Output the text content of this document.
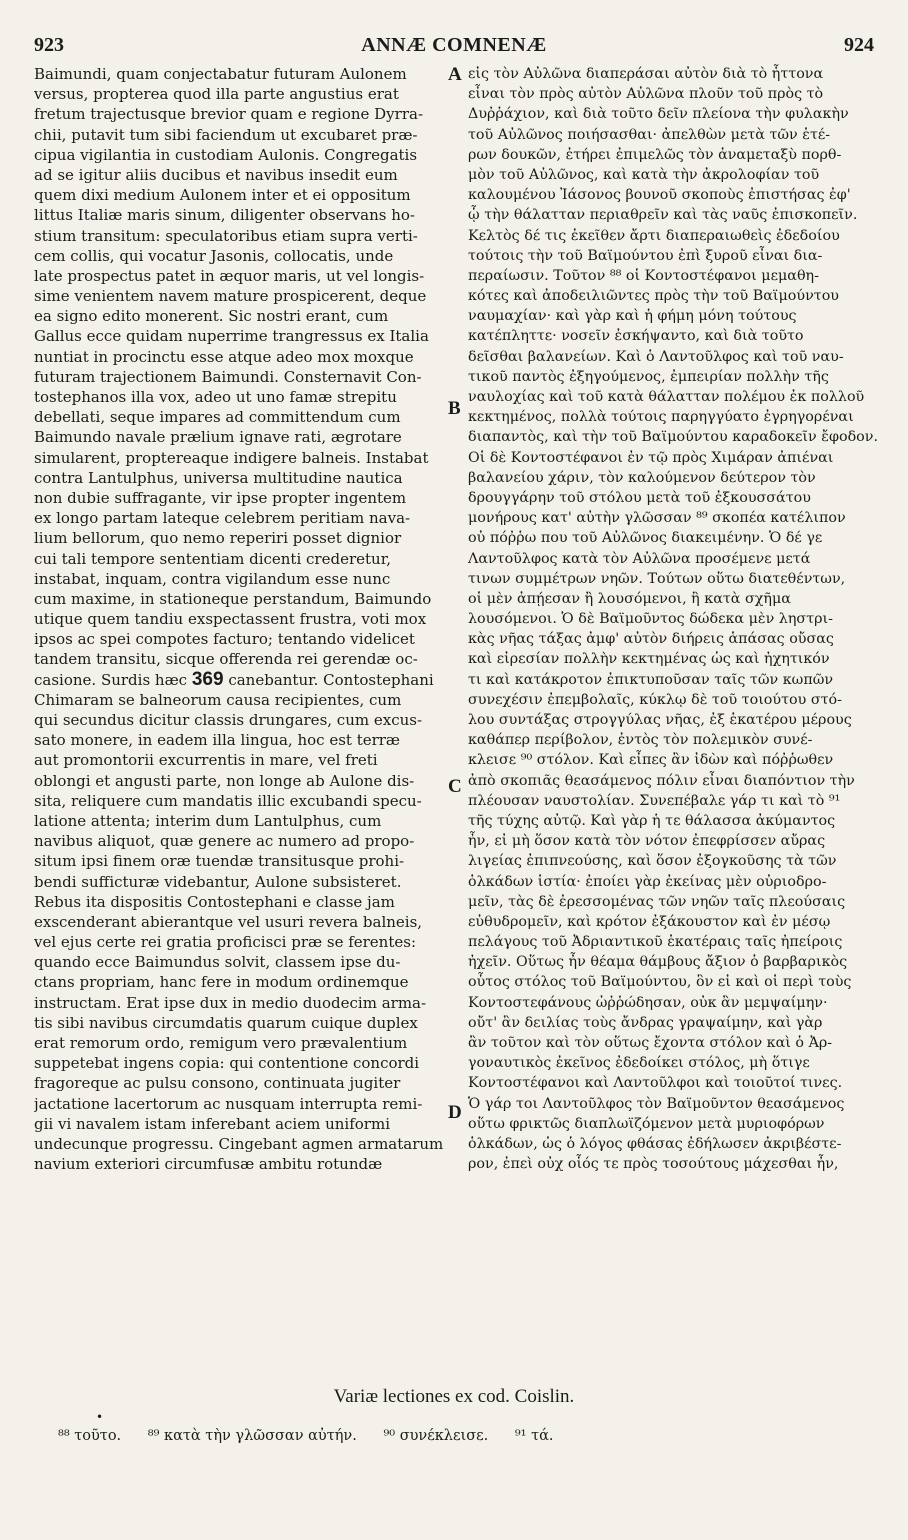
923	ANNÆ COMNENÆ	924
Baimundi, quam conjectabatur futuram Aulonem
versus, propterea quod illa parte angustius erat
fretum trajectusque brevior quam e regione Dyrra-
chii, putavit tum sibi faciendum ut excubaret præ-
cipua vigilantia in custodiam Aulonis. Congregatis
ad se igitur aliis ducibus et navibus insedit eum
quem dixi medium Aulonem inter et ei oppositum
littus Italiæ maris sinum, diligenter observans ho-
stium transitum: speculatoribus etiam supra verti-
cem collis, qui vocatur Jasonis, collocatis, unde
late prospectus patet in æquor maris, ut vel longis-
sime venientem navem mature prospicerent, deque
ea signo edito monerent. Sic nostri erant, cum
Gallus ecce quidam nuperrime trangressus ex Italia
nuntiat in procinctu esse atque adeo mox moxque
futuram trajectionem Baimundi. Consternavit Con-
tostephanos illa vox, adeo ut uno famæ strepitu
debellati, seque impares ad committendum cum
Baimundo navale prælium ignave rati, ægrotare
simularent, proptereaque indigere balneis. Instabat
contra Lantulphus, universa multitudine nautica
non dubie suffragante, vir ipse propter ingentem
ex longo partam lateque celebrem peritiam nava-
lium bellorum, quo nemo reperiri posset dignior
cui tali tempore sententiam dicenti crederetur,
instabat, inquam, contra vigilandum esse nunc
cum maxime, in stationeque perstandum, Baimundo
utique quem tandiu exspectassent frustra, voti mox
ipsos ac spei compotes facturo; tentando videlicet
tandem transitu, sicque offerenda rei gerendæ oc-
casione. Surdis hæc 369 canebantur. Contostephani
Chimaram se balneorum causa recipientes, cum
qui secundus dicitur classis drungares, cum excus-
sato monere, in eadem illa lingua, hoc est terræ
aut promontorii excurrentis in mare, vel freti
oblongi et angusti parte, non longe ab Aulone dis-
sita, reliquere cum mandatis illic excubandi specu-
latione attenta; interim dum Lantulphus, cum
navibus aliquot, quæ genere ac numero ad propo-
situm ipsi finem oræ tuendæ transitusque prohi-
bendi sufficturæ videbantur, Aulone subsisteret.
Rebus ita dispositis Contostephani e classe jam
exscenderant abierantque vel usuri revera balneis,
vel ejus certe rei gratia proficisci præ se ferentes:
quando ecce Baimundus solvit, classem ipse du-
ctans propriam, hanc fere in modum ordinemque
instructam. Erat ipse dux in medio duodecim arma-
tis sibi navibus circumdatis quarum cuique duplex
erat remorum ordo, remigum vero prævalentium
suppetebat ingens copia: qui contentione concordi
fragoreque ac pulsu consono, continuata jugiter
jactatione lacertorum ac nusquam interrupta remi-
gii vi navalem istam inferebant aciem uniformi
undecunque progressu. Cingebant agmen armatarum
navium exteriori circumfusæ ambitu rotundæ
A
B
C
D
εἰς τὸν Αὐλῶνα διαπεράσαι αὐτὸν διὰ τὸ ἧττονα
εἶναι τὸν πρὸς αὐτὸν Αὐλῶνα πλοῦν τοῦ πρὸς τὸ
Δυῤῥάχιον, καὶ διὰ τοῦτο δεῖν πλείονα τὴν φυλακὴν
τοῦ Αὐλῶνος ποιήσασθαι· ἀπελθὼν μετὰ τῶν ἑτέ-
ρων δουκῶν, ἐτήρει ἐπιμελῶς τὸν ἀναμεταξὺ πορθ-
μὸν τοῦ Αὐλῶνος, καὶ κατὰ τὴν ἀκρολοφίαν τοῦ
καλουμένου Ἰάσονος βουνοῦ σκοποὺς ἐπιστήσας ἐφ'
ᾧ τὴν θάλατταν περιαθρεῖν καὶ τὰς ναῦς ἐπισκοπεῖν.
Κελτὸς δέ τις ἐκεῖθεν ἄρτι διαπεραιωθεὶς ἐδεδοίου
τούτοις τὴν τοῦ Βαϊμούντου ἐπὶ ξυροῦ εἶναι δια-
περαίωσιν. Τοῦτον ⁸⁸ οἱ Κοντοστέφανοι μεμαθη-
κότες καὶ ἀποδειλιῶντες πρὸς τὴν τοῦ Βαϊμούντου
ναυμαχίαν· καὶ γὰρ καὶ ἡ φήμη μόνη τούτους
κατέπληττε· νοσεῖν ἐσκήψαντο, καὶ διὰ τοῦτο
δεῖσθαι βαλανείων. Καὶ ὁ Λαντοῦλφος καὶ τοῦ ναυ-
τικοῦ παντὸς ἐξηγούμενος, ἐμπειρίαν πολλὴν τῆς
ναυλοχίας καὶ τοῦ κατὰ θάλατταν πολέμου ἐκ πολλοῦ
κεκτημένος, πολλὰ τούτοις παρηγγύατο ἐγρηγορέναι
διαπαντὸς, καὶ τὴν τοῦ Βαϊμούντου καραδοκεῖν ἔφοδον.
Οἱ δὲ Κοντοστέφανοι ἐν τῷ πρὸς Χιμάραν ἀπιέναι
βαλανείου χάριν, τὸν καλούμενον δεύτερον τὸν
δρουγγάρην τοῦ στόλου μετὰ τοῦ ἐξκουσσάτου
μονήρους κατ' αὐτὴν γλῶσσαν ⁸⁹ σκοπέα κατέλιπον
οὐ πόῤῥω που τοῦ Αὐλῶνος διακειμένην. Ὁ δέ γε
Λαντοῦλφος κατὰ τὸν Αὐλῶνα προσέμενε μετά
τινων συμμέτρων νηῶν. Τούτων οὕτω διατεθέντων,
οἱ μὲν ἀπῄεσαν ἢ λουσόμενοι, ἢ κατὰ σχῆμα
λουσόμενοι. Ὁ δὲ Βαϊμοῦντος δώδεκα μὲν ληστρι-
κὰς νῆας τάξας ἀμφ' αὐτὸν διήρεις ἁπάσας οὔσας
καὶ εἰρεσίαν πολλὴν κεκτημένας ὡς καὶ ἠχητικόν
τι καὶ κατάκροτον ἐπικτυποῦσαν ταῖς τῶν κωπῶν
συνεχέσιν ἐπεμβολαῖς, κύκλῳ δὲ τοῦ τοιούτου στό-
λου συντάξας στρογγύλας νῆας, ἐξ ἑκατέρου μέρους
καθάπερ περίβολον, ἐντὸς τὸν πολεμικὸν συνέ-
κλεισε ⁹⁰ στόλον. Καὶ εἶπες ἂν ἰδὼν καὶ πόῤῥωθεν
ἀπὸ σκοπιᾶς θεασάμενος πόλιν εἶναι διαπόντιον τὴν
πλέουσαν ναυστολίαν. Συνεπέβαλε γάρ τι καὶ τὸ ⁹¹
τῆς τύχης αὐτῷ. Καὶ γὰρ ἡ τε θάλασσα ἀκύμαντος
ἦν, εἰ μὴ ὅσον κατὰ τὸν νότον ἐπεφρίσσεν αὔρας
λιγείας ἐπιπνεούσης, καὶ ὅσον ἐξογκοῦσης τὰ τῶν
ὁλκάδων ἱστία· ἐποίει γὰρ ἐκείνας μὲν οὐριοδρο-
μεῖν, τὰς δὲ ἐρεσσομένας τῶν νηῶν ταῖς πλεούσαις
εὐθυδρομεῖν, καὶ κρότον ἐξάκουστον καὶ ἐν μέσῳ
πελάγους τοῦ Ἀδριαντικοῦ ἑκατέραις ταῖς ἠπείροις
ἠχεῖν. Οὕτως ἦν θέαμα θάμβους ἄξιον ὁ βαρβαρικὸς
οὗτος στόλος τοῦ Βαϊμούντου, ὃν εἰ καὶ οἱ περὶ τοὺς
Κοντοστεφάνους ὠῤῥώδησαν, οὐκ ἂν μεμψαίμην·
οὔτ' ἂν δειλίας τοὺς ἄνδρας γραψαίμην, καὶ γὰρ
ἂν τοῦτον καὶ τὸν οὕτως ἔχοντα στόλον καὶ ὁ Ἀρ-
γοναυτικὸς ἐκεῖνος ἐδεδοίκει στόλος, μὴ ὅτιγε
Κοντοστέφανοι καὶ Λαντοῦλφοι καὶ τοιοῦτοί τινες.
Ὁ γάρ τοι Λαντοῦλφος τὸν Βαϊμοῦντον θεασάμενος
οὕτω φρικτῶς διαπλωϊζόμενον μετὰ μυριοφόρων
ὁλκάδων, ὡς ὁ λόγος φθάσας ἐδήλωσεν ἀκριβέστε-
ρον, ἐπεὶ οὐχ οἷός τε πρὸς τοσούτους μάχεσθαι ἦν,
Variæ lectiones ex cod. Coislin.
•
⁸⁸ τοῦτο. ⁸⁹ κατὰ τὴν γλῶσσαν αὐτήν. ⁹⁰ συνέκλεισε. ⁹¹ τά.
